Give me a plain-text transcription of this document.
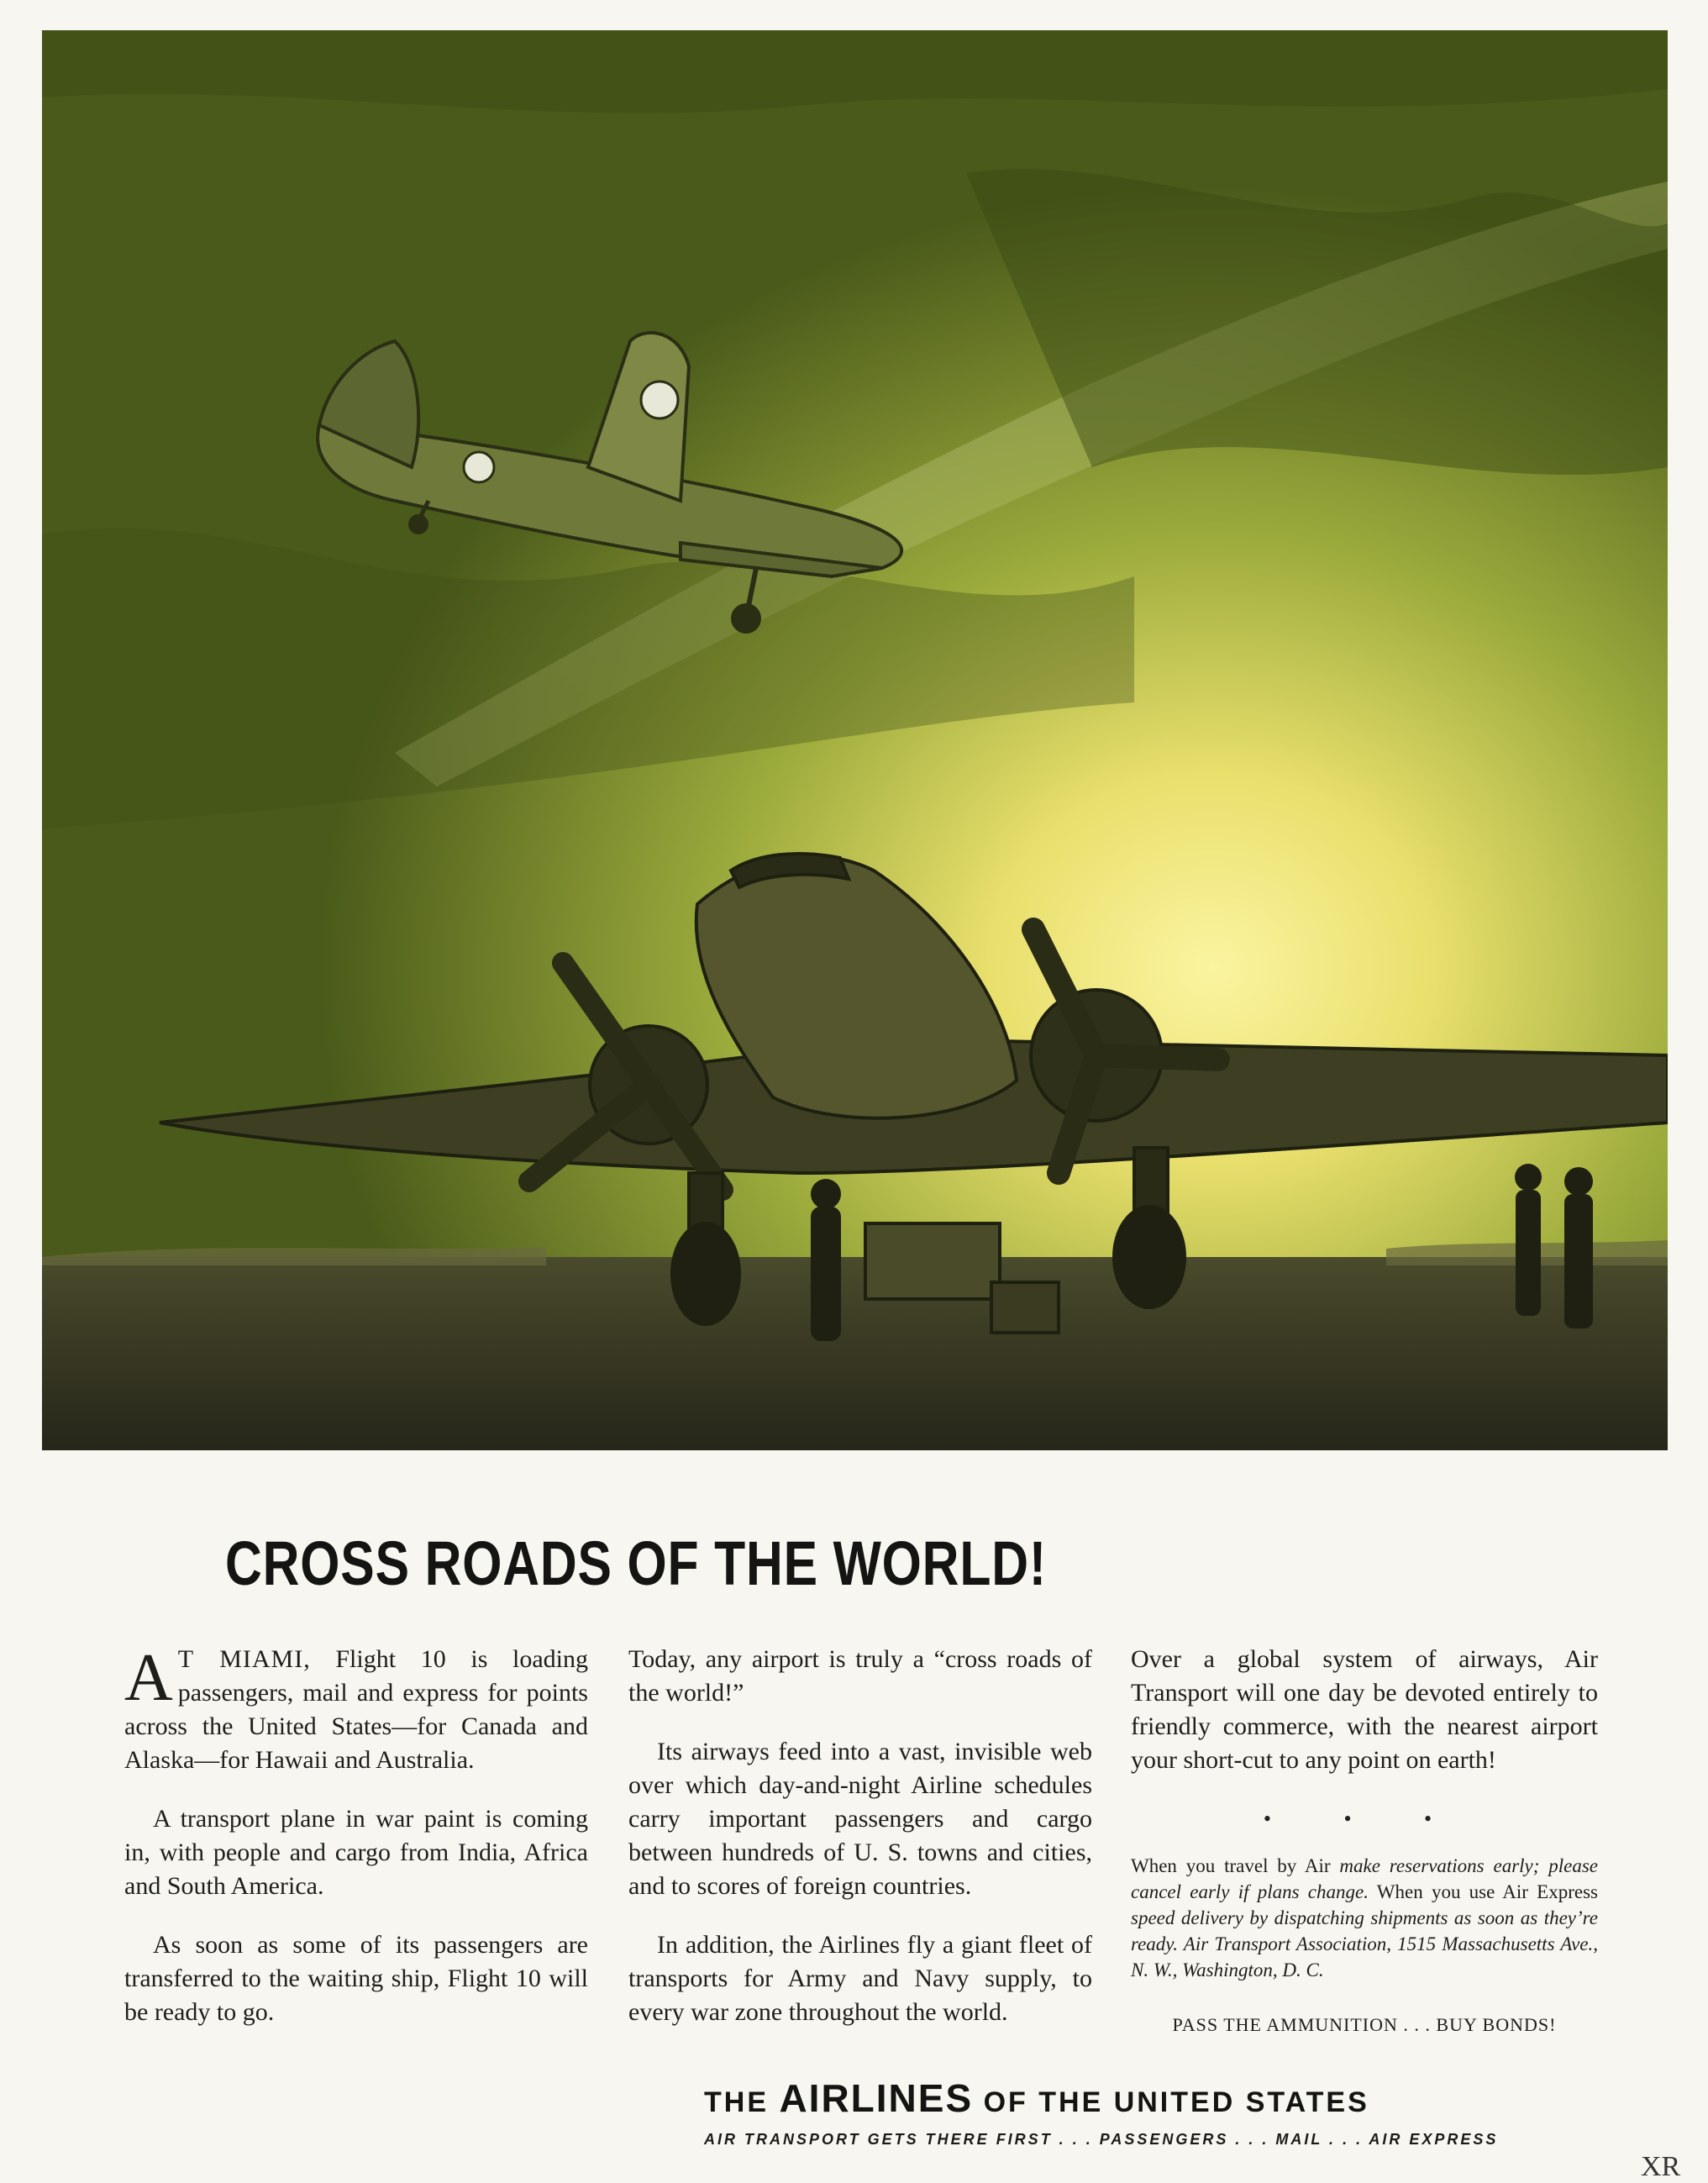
CROSS ROADS OF THE WORLD!

A T MIAMI, Flight 10 is loading passengers, mail and express for points across the United States—for Canada and Alaska—for Hawaii and Australia.

A transport plane in war paint is coming in, with people and cargo from India, Africa and South America.

As soon as some of its passengers are transferred to the waiting ship, Flight 10 will be ready to go.

Today, any airport is truly a “cross roads of the world!”

Its airways feed into a vast, invisible web over which day-and-night Airline schedules carry important passengers and cargo between hundreds of U. S. towns and cities, and to scores of foreign countries.

In addition, the Airlines fly a giant fleet of transports for Army and Navy supply, to every war zone throughout the world.

Over a global system of airways, Air Transport will one day be devoted entirely to friendly commerce, with the nearest airport your short-cut to any point on earth!

• • •

When you travel by Air make reservations early; please cancel early if plans change. When you use Air Express speed delivery by dispatching shipments as soon as they’re ready. Air Transport Association, 1515 Massachusetts Ave., N. W., Washington, D. C.

PASS THE AMMUNITION . . . BUY BONDS!

THE AIRLINES OF THE UNITED STATES
AIR TRANSPORT GETS THERE FIRST . . . PASSENGERS . . . MAIL . . . AIR EXPRESS
XR
